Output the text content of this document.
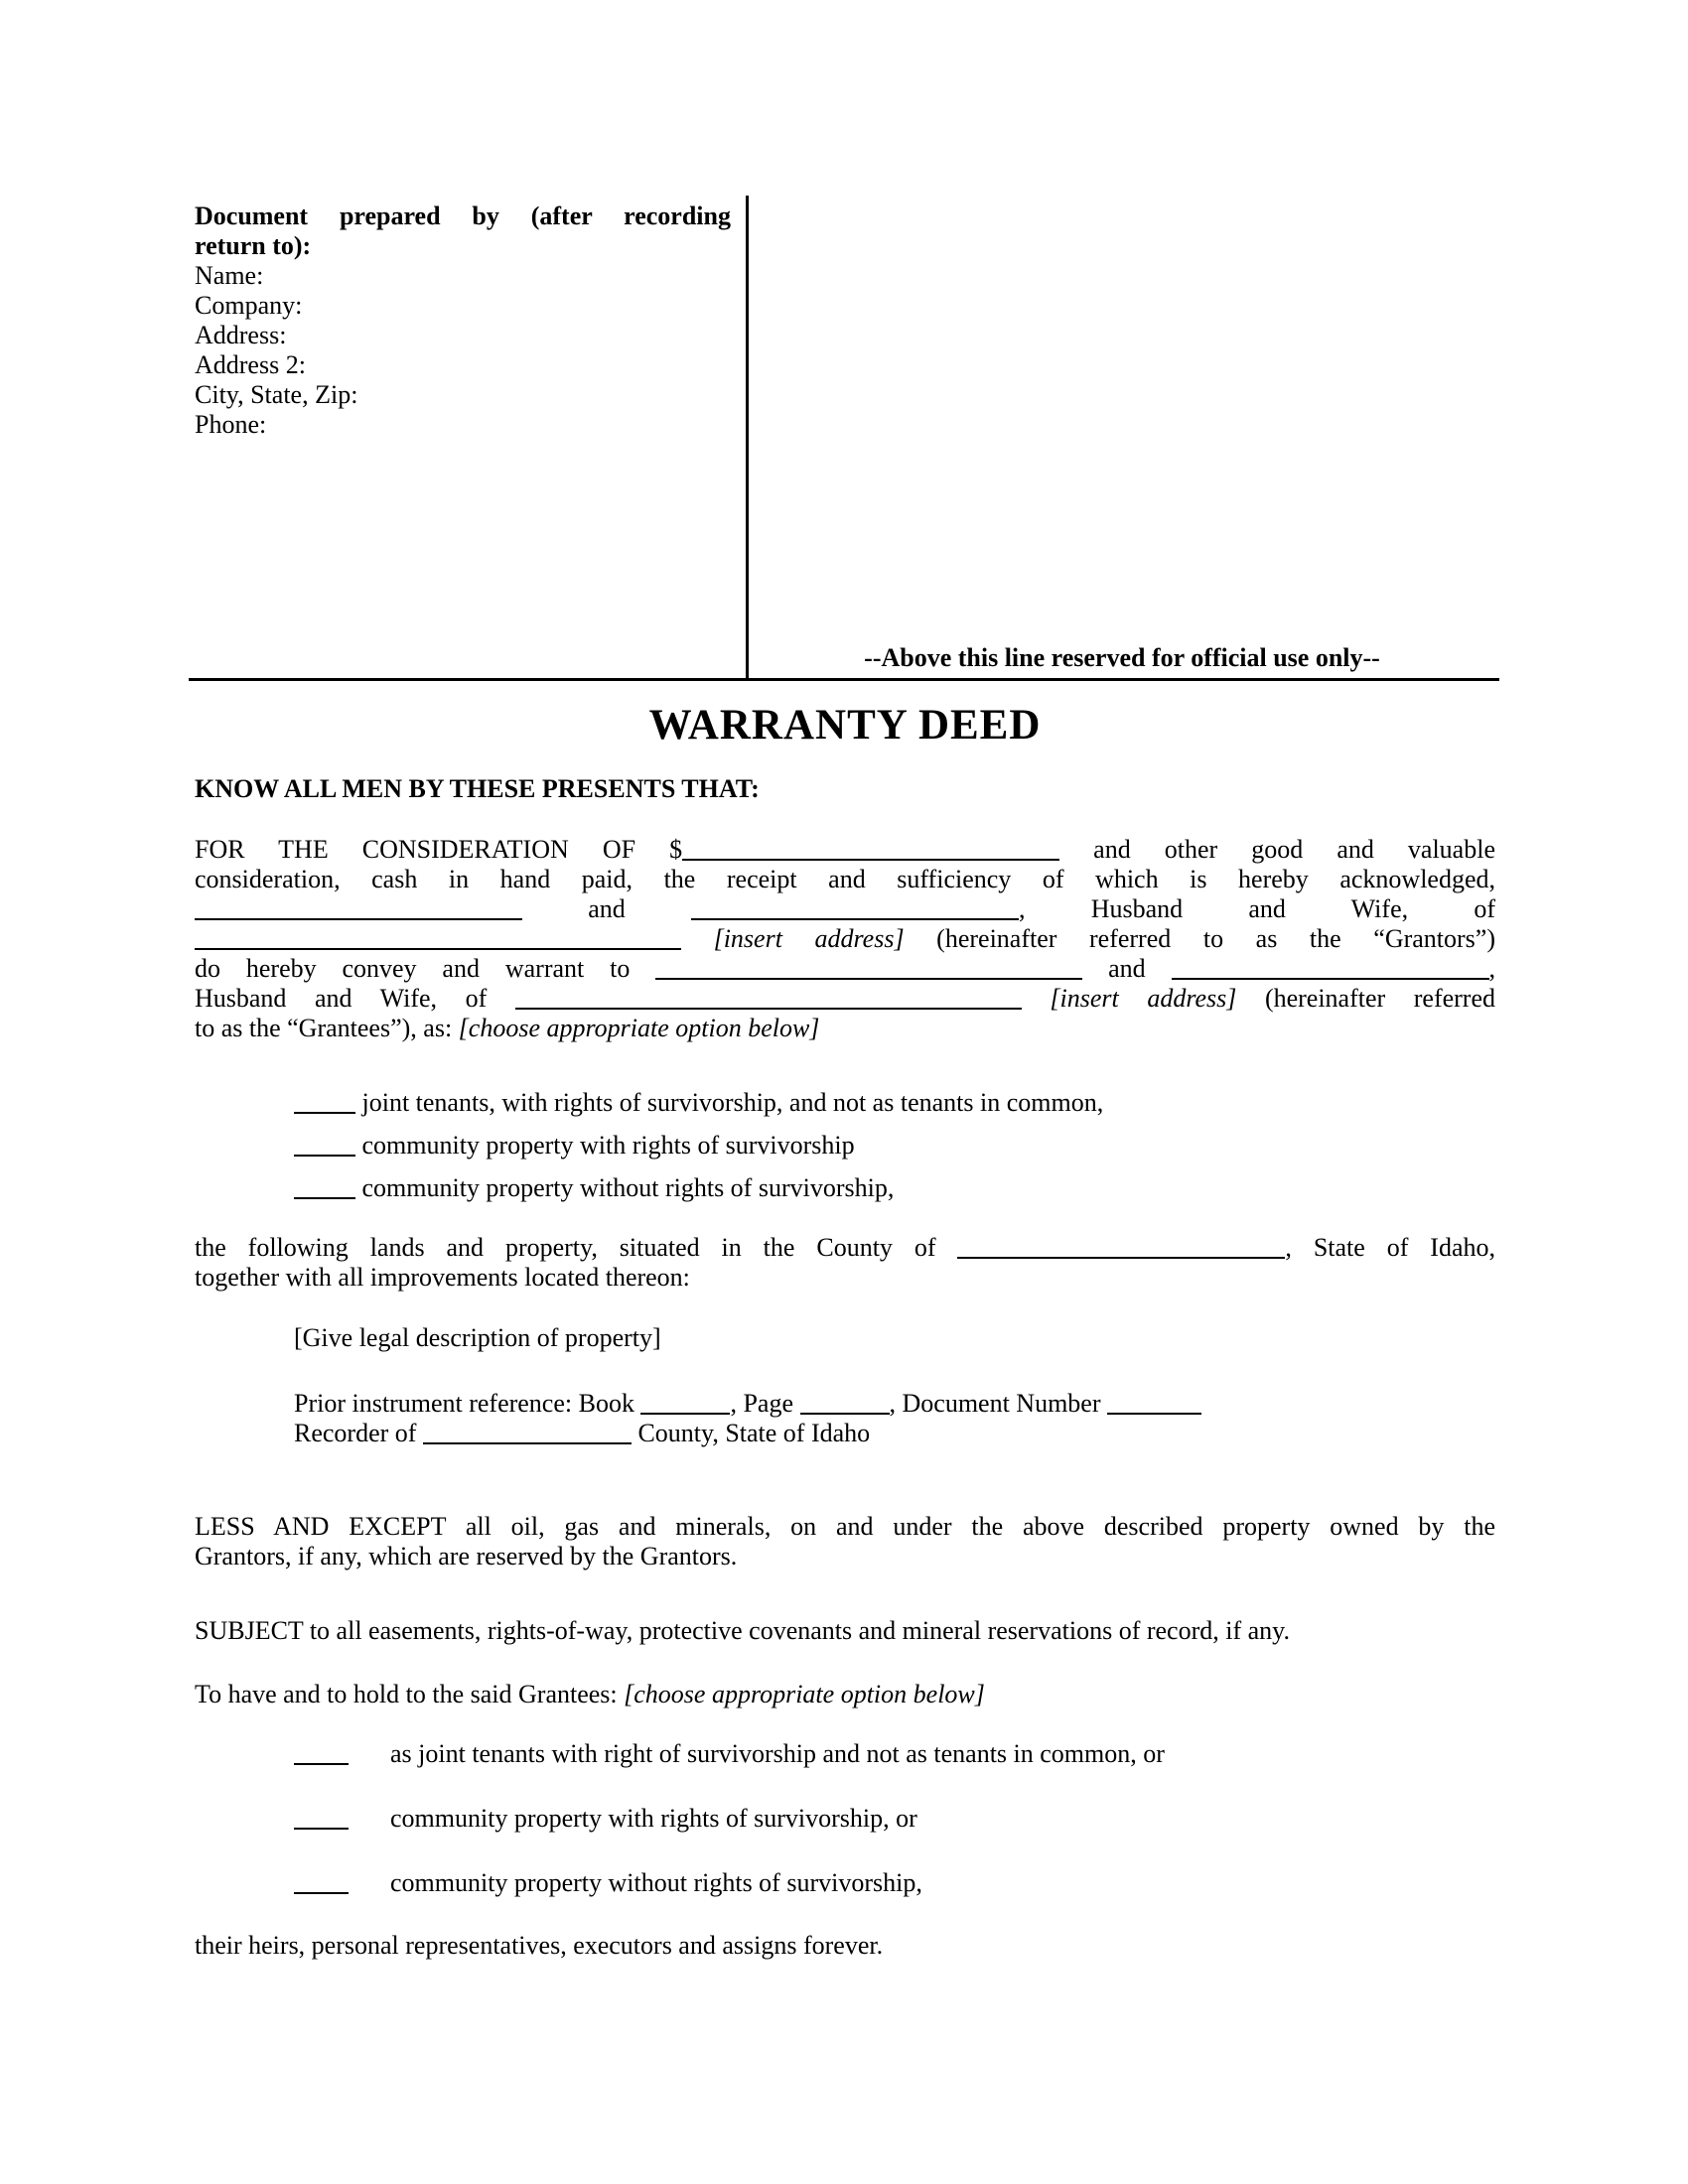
Document prepared by (after recording
return to):
Name:
Company:
Address:
Address 2:
City, State, Zip:
Phone:
--Above this line reserved for official use only--
WARRANTY DEED
KNOW ALL MEN BY THESE PRESENTS THAT:
FOR THE CONSIDERATION OF $	and other good and valuable
consideration, cash in hand paid, the receipt and sufficiency of which is hereby acknowledged,
and	, Husband and Wife, of
[insert address] (hereinafter referred to as the “Grantors”)
do hereby convey and warrant to	and	,
Husband and Wife, of	[insert address] (hereinafter referred
to as the “Grantees”), as: [choose appropriate option below]
joint tenants, with rights of survivorship, and not as tenants in common,
community property with rights of survivorship
community property without rights of survivorship,
the following lands and property, situated in the County of	, State of Idaho,
together with all improvements located thereon:
[Give legal description of property]
Prior instrument reference: Book	, Page	, Document Number
Recorder of	County, State of Idaho
LESS AND EXCEPT all oil, gas and minerals, on and under the above described property owned by the
Grantors, if any, which are reserved by the Grantors.
SUBJECT to all easements, rights-of-way, protective covenants and mineral reservations of record, if any.
To have and to hold to the said Grantees: [choose appropriate option below]
as joint tenants with right of survivorship and not as tenants in common, or
community property with rights of survivorship, or
community property without rights of survivorship,
their heirs, personal representatives, executors and assigns forever.
